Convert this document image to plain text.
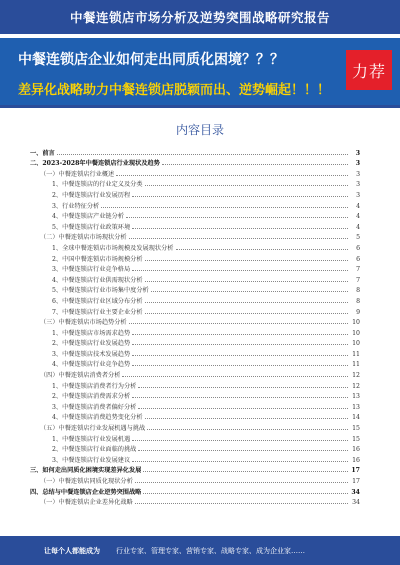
中餐连锁店市场分析及逆势突围战略研究报告
中餐连锁店企业如何走出同质化困境？？？
差异化战略助力中餐连锁店脱颖而出、逆势崛起！！！
力荐
内容目录
一、前言	3
二、2023-2028年中餐连锁店行业现状及趋势	3
（一）中餐连锁店行业概述	3
1、中餐连锁店的行业定义及分类	3
2、中餐连锁店行业发展历程	3
3、行业特征分析	4
4、中餐连锁店产业链分析	4
5、中餐连锁店行业政策环境	4
（二）中餐连锁店市场现状分析	5
1、全球中餐连锁店市场规模及发展现状分析	6
2、中国中餐连锁店市场规模分析	6
3、中餐连锁店行业竞争格局	7
4、中餐连锁店行业供需现状分析	7
5、中餐连锁店行业市场集中度分析	8
6、中餐连锁店行业区域分布分析	8
7、中餐连锁店行业主要企业分析	9
（三）中餐连锁店市场趋势分析	10
1、中餐连锁店市场需求趋势	10
2、中餐连锁店行业发展趋势	10
3、中餐连锁店技术发展趋势	11
4、中餐连锁店行业竞争趋势	11
（四）中餐连锁店消费者分析	12
1、中餐连锁店消费者行为分析	12
2、中餐连锁店消费需求分析	13
3、中餐连锁店消费者偏好分析	13
4、中餐连锁店消费趋势变化分析	14
（五）中餐连锁店行业发展机遇与挑战	15
1、中餐连锁店行业发展机遇	15
2、中餐连锁店行业面临的挑战	16
3、中餐连锁店行业发展建议	16
三、如何走出同质化困境实现差异化发展	17
（一）中餐连锁店同质化现状分析	17
四、总结与中餐连锁店企业逆势突围战略	34
（一）中餐连锁店企业差异化战略	34
让每个人都能成为 行业专家、管理专家、营销专家、战略专家、成为企业家……
